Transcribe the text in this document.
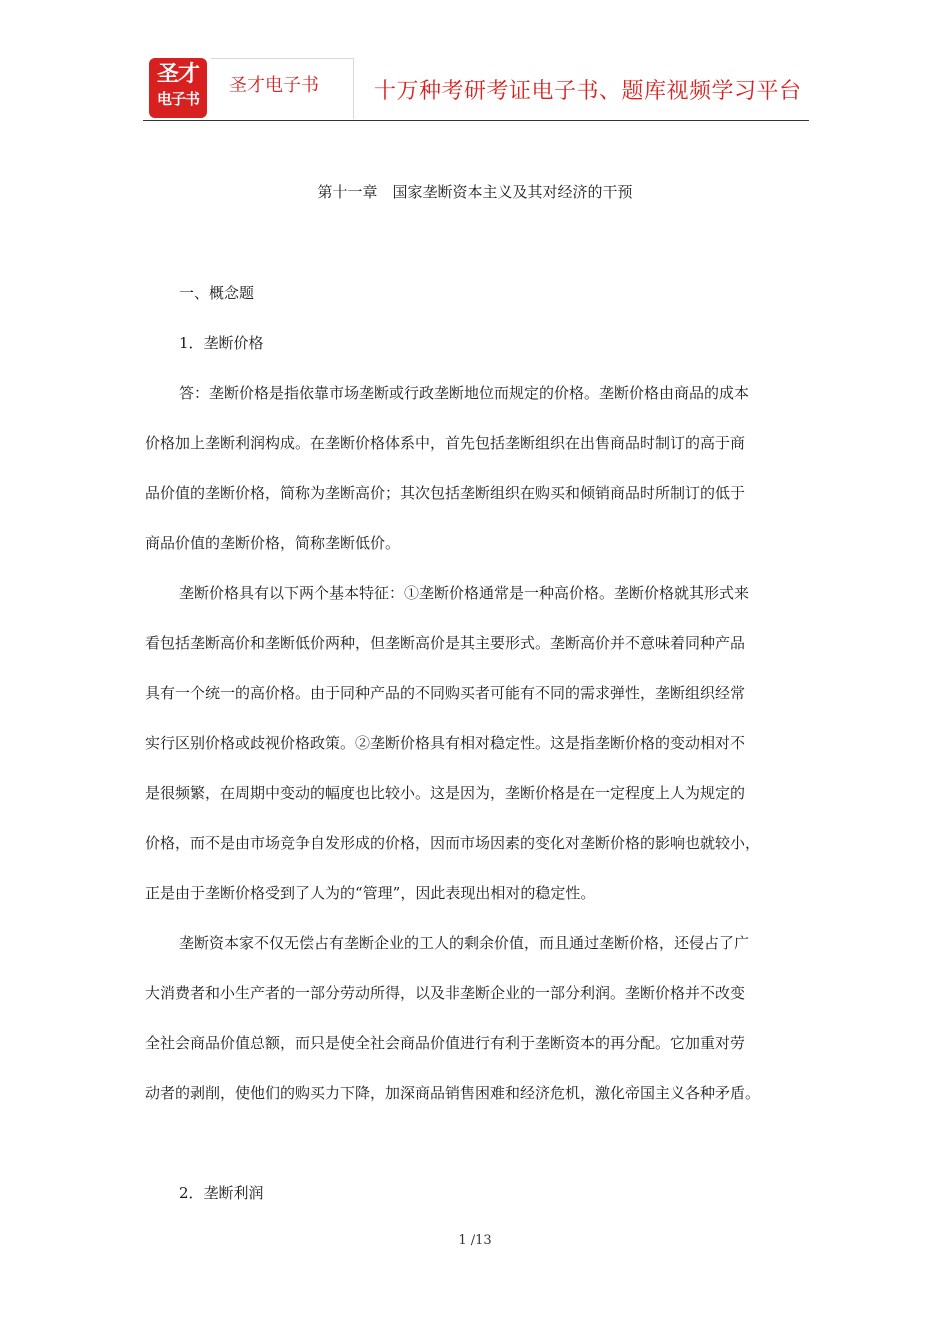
圣才
电子书
圣才电子书	十万种考研考证电子书、题库视频学习平台
第十一章　国家垄断资本主义及其对经济的干预
一、概念题
1．垄断价格
答：垄断价格是指依靠市场垄断或行政垄断地位而规定的价格。垄断价格由商品的成本
价格加上垄断利润构成。在垄断价格体系中，首先包括垄断组织在出售商品时制订的高于商
品价值的垄断价格，简称为垄断高价；其次包括垄断组织在购买和倾销商品时所制订的低于
商品价值的垄断价格，简称垄断低价。
垄断价格具有以下两个基本特征：①垄断价格通常是一种高价格。垄断价格就其形式来
看包括垄断高价和垄断低价两种，但垄断高价是其主要形式。垄断高价并不意味着同种产品
具有一个统一的高价格。由于同种产品的不同购买者可能有不同的需求弹性，垄断组织经常
实行区别价格或歧视价格政策。②垄断价格具有相对稳定性。这是指垄断价格的变动相对不
是很频繁，在周期中变动的幅度也比较小。这是因为，垄断价格是在一定程度上人为规定的
价格，而不是由市场竞争自发形成的价格，因而市场因素的变化对垄断价格的影响也就较小，
正是由于垄断价格受到了人为的“管理”，因此表现出相对的稳定性。
垄断资本家不仅无偿占有垄断企业的工人的剩余价值，而且通过垄断价格，还侵占了广
大消费者和小生产者的一部分劳动所得，以及非垄断企业的一部分利润。垄断价格并不改变
全社会商品价值总额，而只是使全社会商品价值进行有利于垄断资本的再分配。它加重对劳
动者的剥削，使他们的购买力下降，加深商品销售困难和经济危机，激化帝国主义各种矛盾。
2．垄断利润
1 /13
